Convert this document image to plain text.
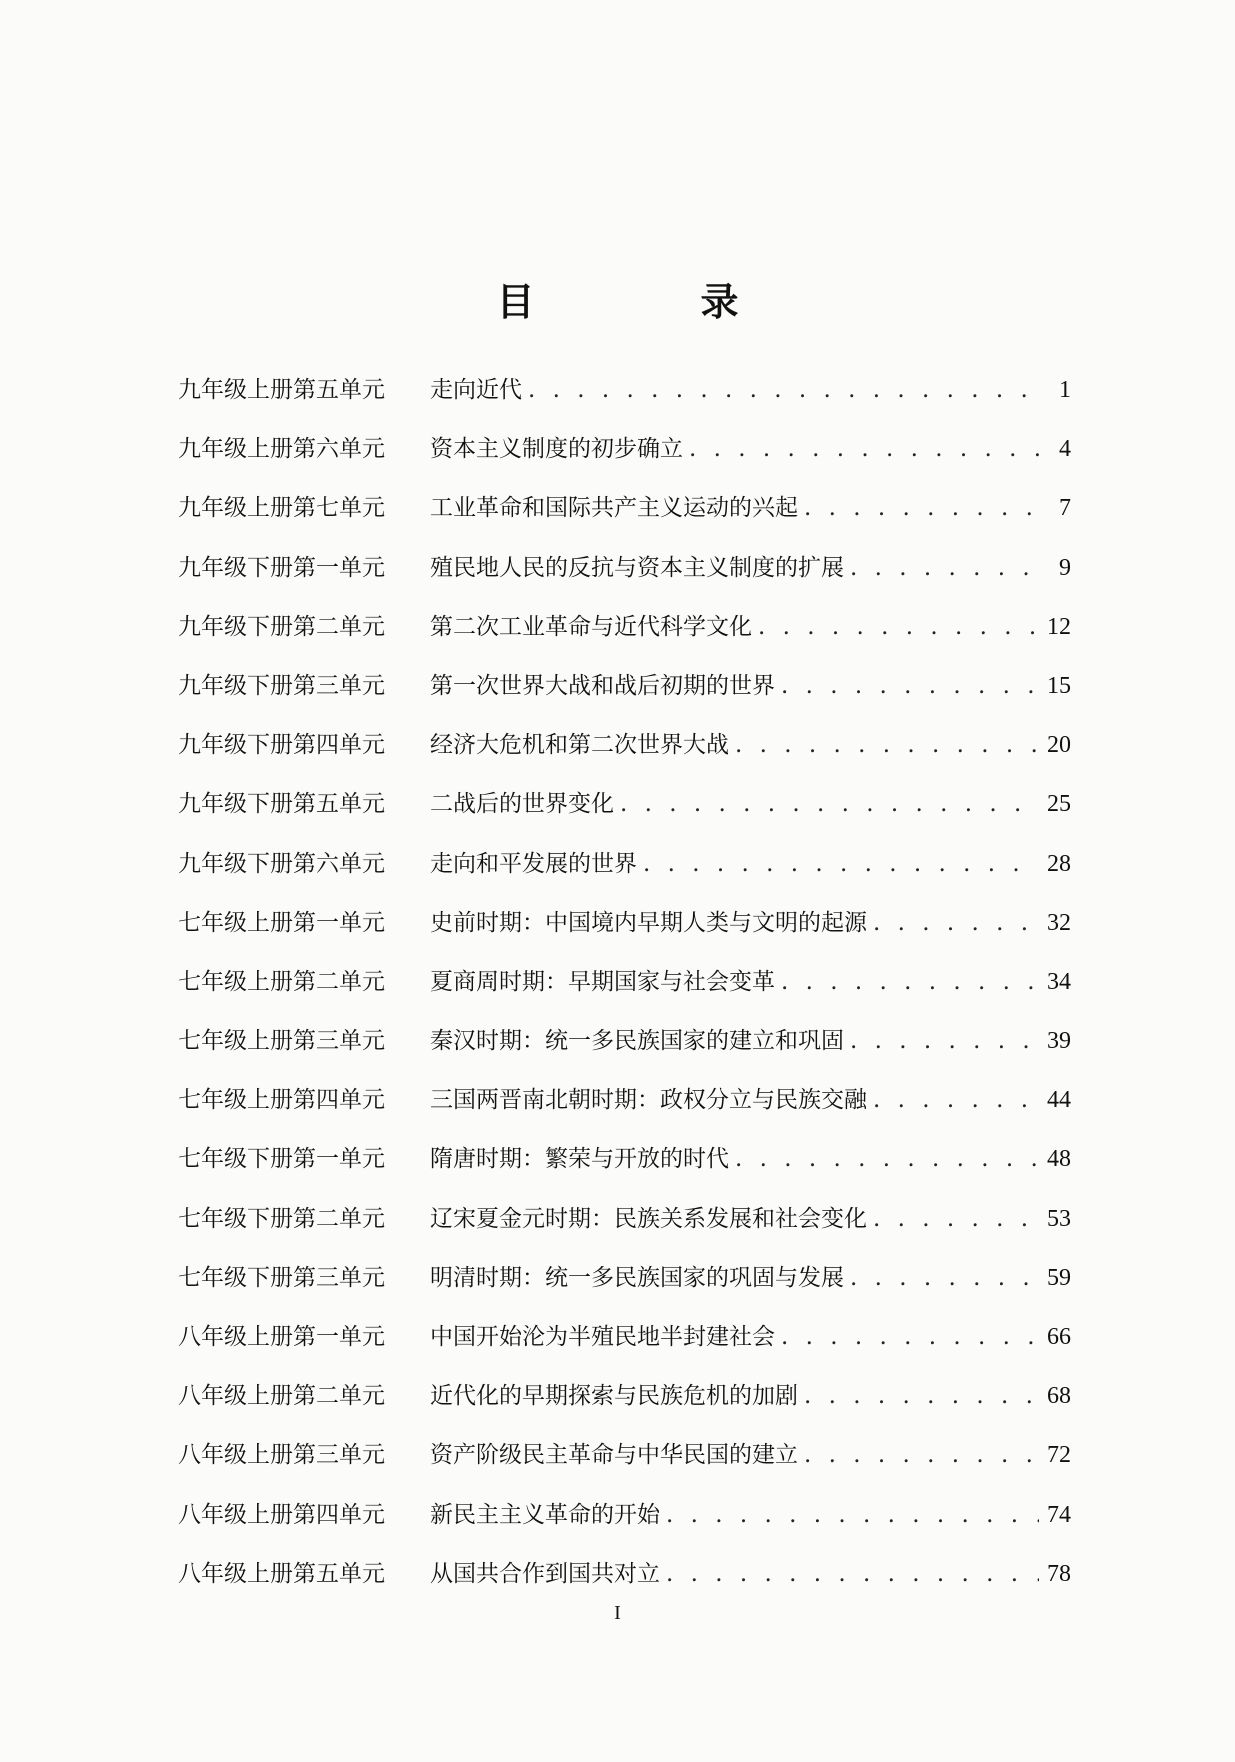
目　录
九年级上册第五单元	走向近代 . . .	1
九年级上册第六单元	资本主义制度的初步确立 . . .	4
九年级上册第七单元	工业革命和国际共产主义运动的兴起 . . .	7
九年级下册第一单元	殖民地人民的反抗与资本主义制度的扩展 . . .	9
九年级下册第二单元	第二次工业革命与近代科学文化 . . .	12
九年级下册第三单元	第一次世界大战和战后初期的世界 . . .	15
九年级下册第四单元	经济大危机和第二次世界大战 . . .	20
九年级下册第五单元	二战后的世界变化 . . .	25
九年级下册第六单元	走向和平发展的世界 . . .	28
七年级上册第一单元	史前时期：中国境内早期人类与文明的起源 . . .	32
七年级上册第二单元	夏商周时期：早期国家与社会变革 . . .	34
七年级上册第三单元	秦汉时期：统一多民族国家的建立和巩固 . . .	39
七年级上册第四单元	三国两晋南北朝时期：政权分立与民族交融 . . .	44
七年级下册第一单元	隋唐时期：繁荣与开放的时代 . . .	48
七年级下册第二单元	辽宋夏金元时期：民族关系发展和社会变化 . . .	53
七年级下册第三单元	明清时期：统一多民族国家的巩固与发展 . . .	59
八年级上册第一单元	中国开始沦为半殖民地半封建社会 . . .	66
八年级上册第二单元	近代化的早期探索与民族危机的加剧 . . .	68
八年级上册第三单元	资产阶级民主革命与中华民国的建立 . . .	72
八年级上册第四单元	新民主主义革命的开始 . . .	74
八年级上册第五单元	从国共合作到国共对立 . . .	78
I
